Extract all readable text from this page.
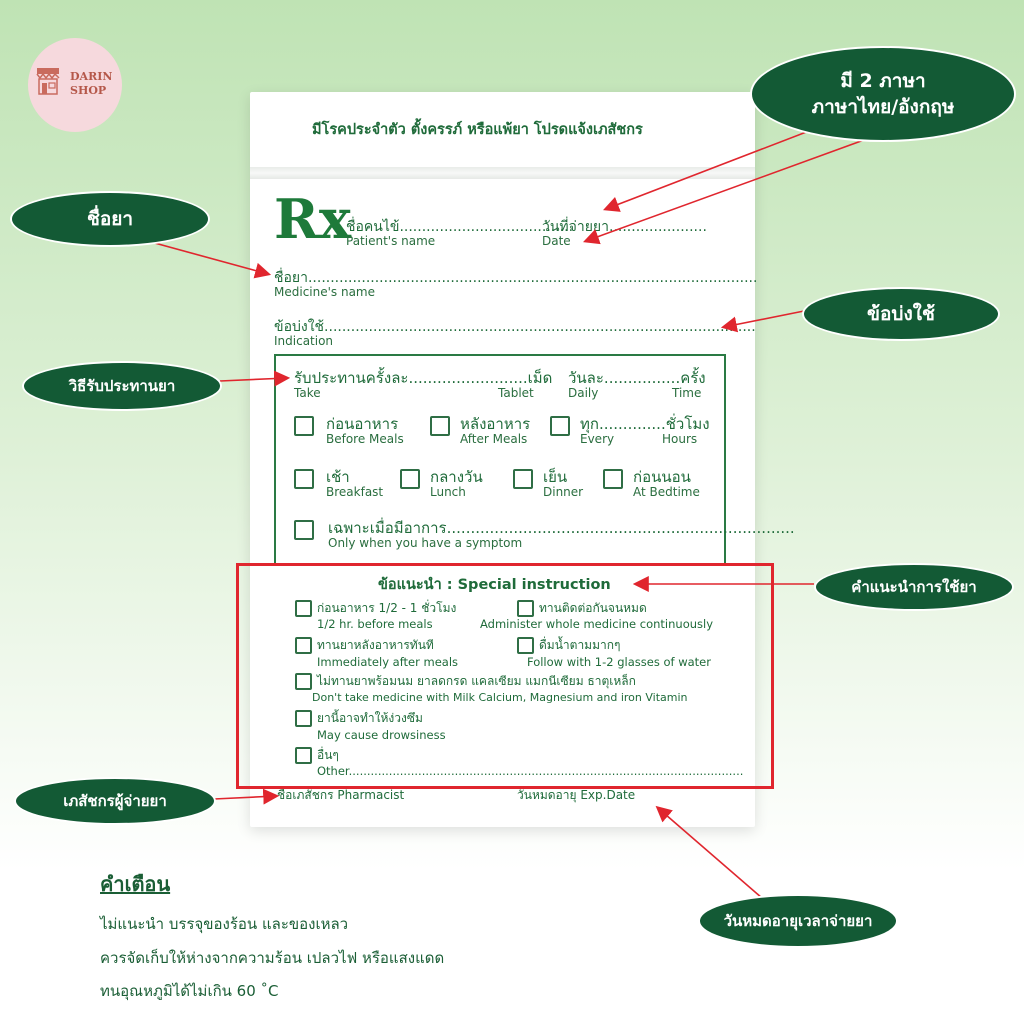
DARIN
SHOP
มีโรคประจำตัว ตั้งครรภ์ หรือแพ้ยา โปรดแจ้งเภสัชกร
Rx
ชื่อคนไข้.......................................
Patient's name
วันที่จ่ายยา......................
Date
ชื่อยา.....................................................................................................
Medicine's name
ข้อบ่งใช้.................................................................................................
Indication
รับประทานครั้งละ.........................เม็ด
Take	Tablet
วันละ................ครั้ง
Daily	Time
ก่อนอาหาร
Before Meals
หลังอาหาร
After Meals
ทุก..............ชั่วโมง
Every	Hours
เช้า
Breakfast
กลางวัน
Lunch
เย็น
Dinner
ก่อนนอน
At Bedtime
เฉพาะเมื่อมีอาการ.........................................................................
Only when you have a symptom
ข้อแนะนำ : Special instruction
ก่อนอาหาร 1/2 - 1 ชั่วโมง
1/2 hr. before meals
ทานติดต่อกันจนหมด
Administer whole medicine continuously
ทานยาหลังอาหารทันที
Immediately after meals
ดื่มน้ำตามมากๆ
Follow with 1-2 glasses of water
ไม่ทานยาพร้อมนม ยาลดกรด แคลเซียม แมกนีเซียม ธาตุเหล็ก
Don't take medicine with Milk Calcium, Magnesium and iron Vitamin
ยานี้อาจทำให้ง่วงซึม
May cause drowsiness
อื่นๆ
Other............................................................................................................
ชื่อเภสัชกร Pharmacist	วันหมดอายุ Exp.Date
มี 2 ภาษา
ภาษาไทย/อังกฤษ
ชื่อยา
ข้อบ่งใช้
วิธีรับประทานยา
คำแนะนำการใช้ยา
เภสัชกรผู้จ่ายยา
วันหมดอายุเวลาจ่ายยา
คำเตือน
ไม่แนะนำ บรรจุของร้อน และของเหลว
ควรจัดเก็บให้ห่างจากความร้อน เปลวไฟ หรือแสงแดด
ทนอุณหภูมิได้ไม่เกิน 60 ˚C
